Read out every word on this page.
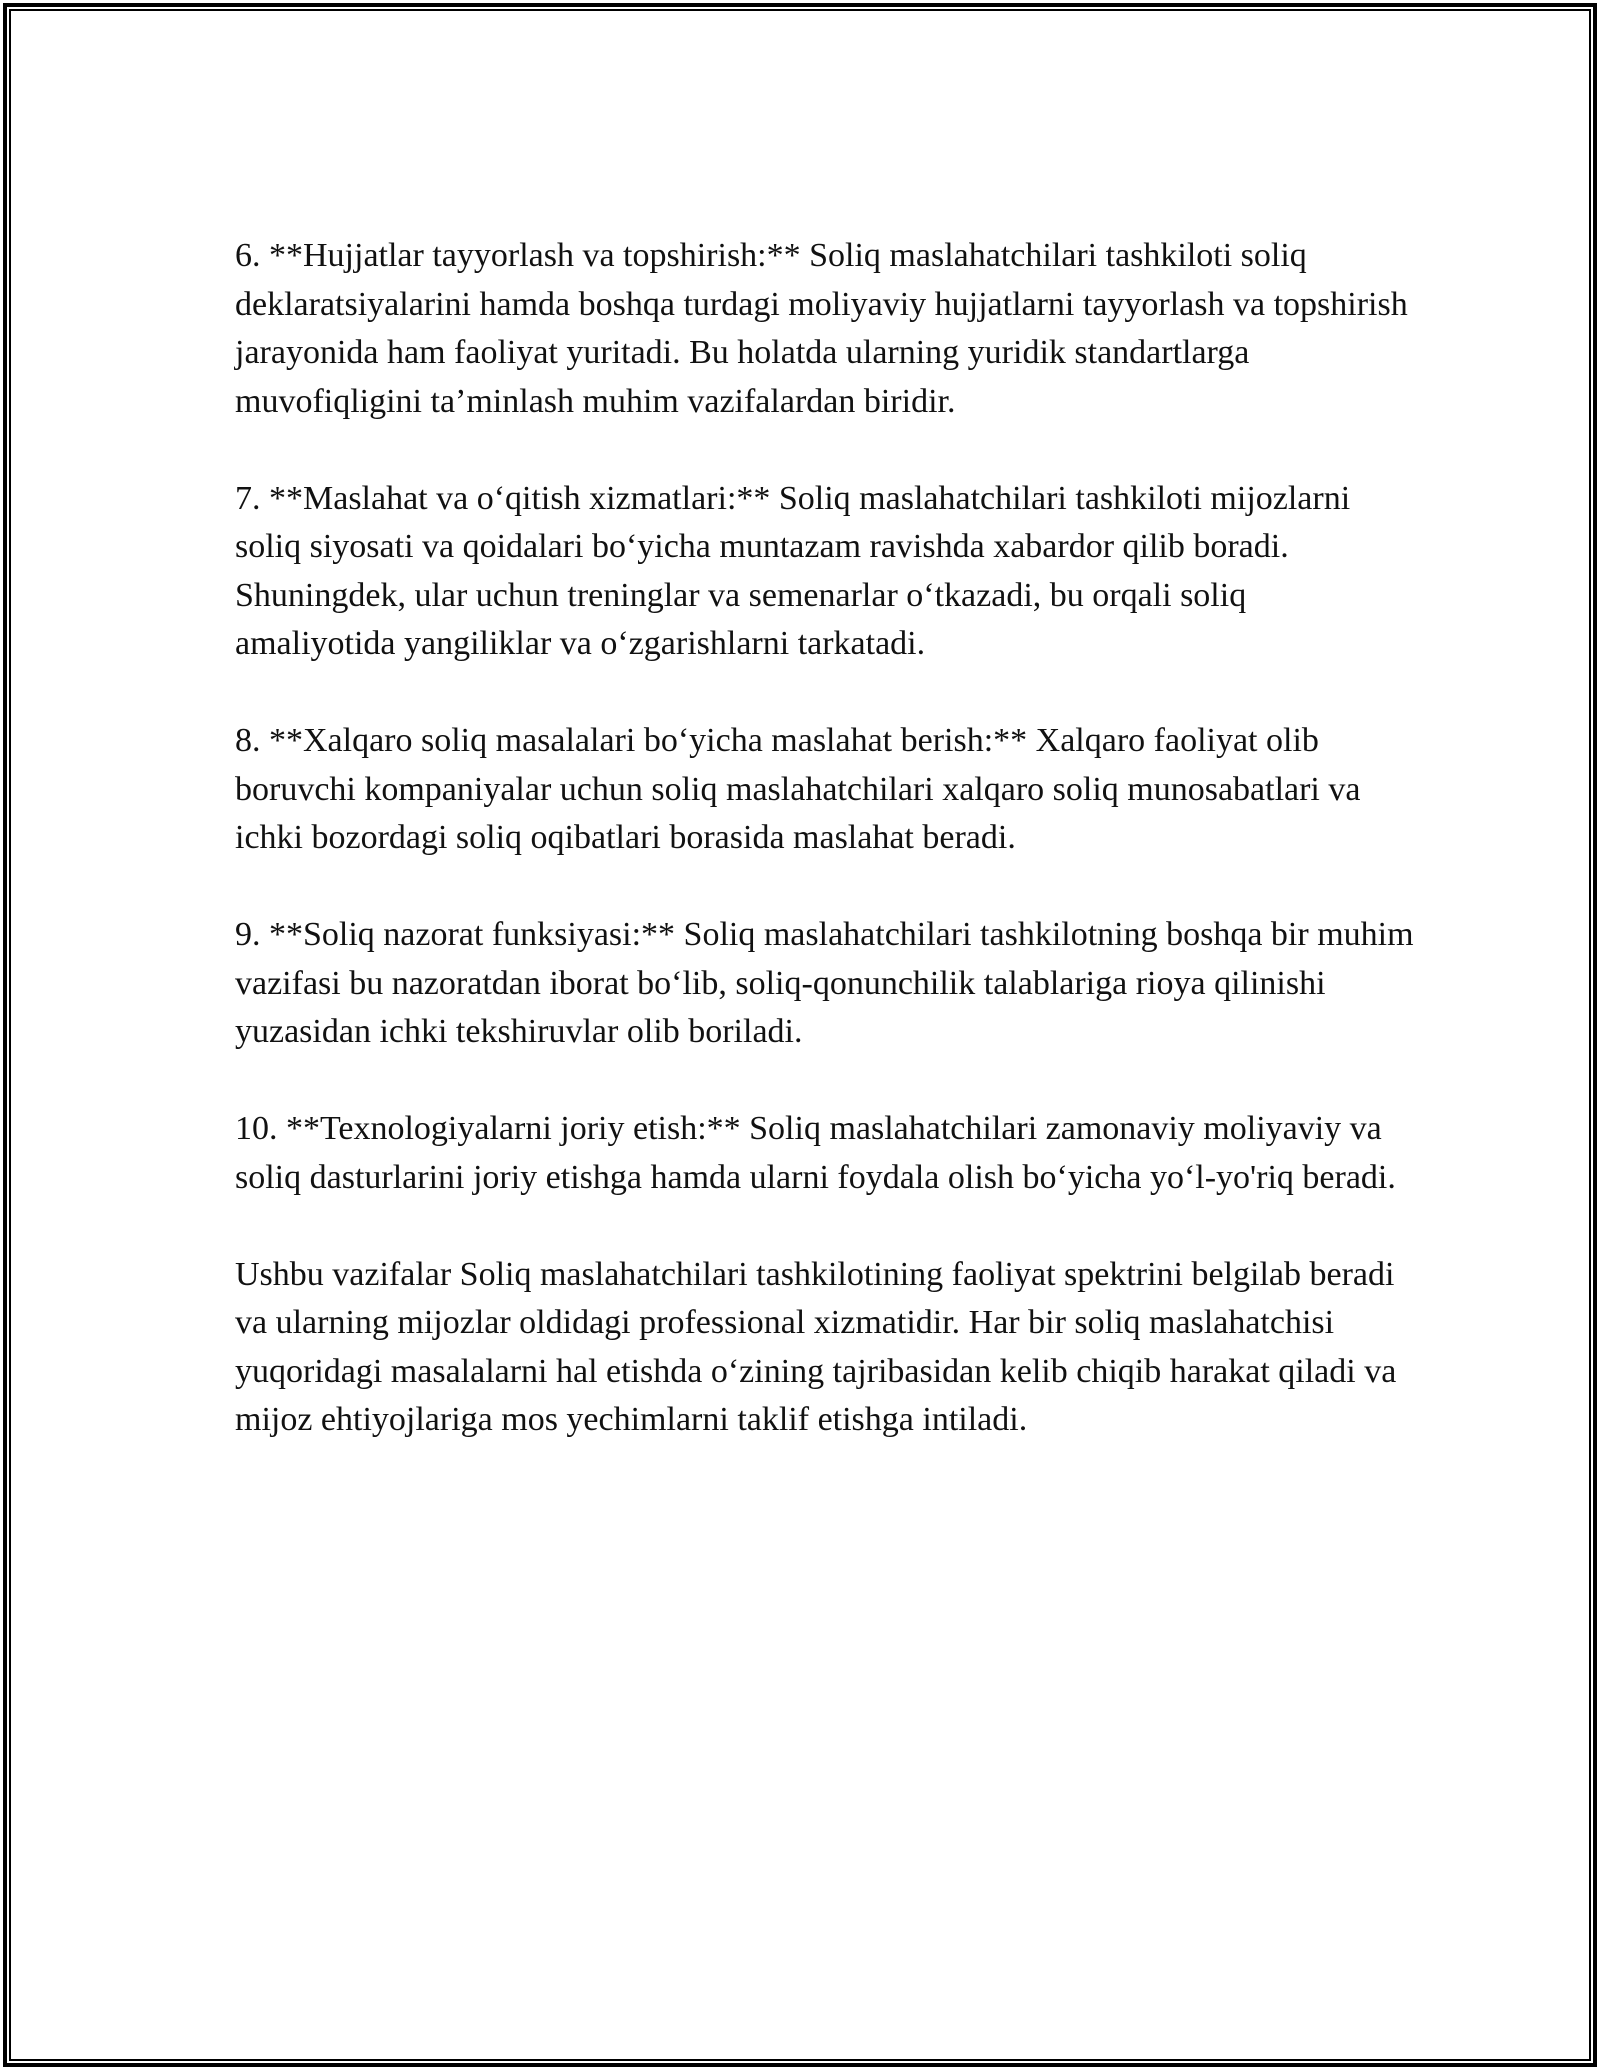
6. **Hujjatlar tayyorlash va topshirish:** Soliq maslahatchilari tashkiloti soliq deklaratsiyalarini hamda boshqa turdagi moliyaviy hujjatlarni tayyorlash va topshirish jarayonida ham faoliyat yuritadi. Bu holatda ularning yuridik standartlarga muvofiqligini ta’minlash muhim vazifalardan biridir.

7. **Maslahat va o‘qitish xizmatlari:** Soliq maslahatchilari tashkiloti mijozlarni soliq siyosati va qoidalari bo‘yicha muntazam ravishda xabardor qilib boradi. Shuningdek, ular uchun treninglar va semenarlar o‘tkazadi, bu orqali soliq amaliyotida yangiliklar va o‘zgarishlarni tarkatadi.

8. **Xalqaro soliq masalalari bo‘yicha maslahat berish:** Xalqaro faoliyat olib boruvchi kompaniyalar uchun soliq maslahatchilari xalqaro soliq munosabatlari va ichki bozordagi soliq oqibatlari borasida maslahat beradi.

9. **Soliq nazorat funksiyasi:** Soliq maslahatchilari tashkilotning boshqa bir muhim vazifasi bu nazoratdan iborat bo‘lib, soliq-qonunchilik talablariga rioya qilinishi yuzasidan ichki tekshiruvlar olib boriladi.

10. **Texnologiyalarni joriy etish:** Soliq maslahatchilari zamonaviy moliyaviy va soliq dasturlarini joriy etishga hamda ularni foydala olish bo‘yicha yo‘l-yo'riq beradi.

Ushbu vazifalar Soliq maslahatchilari tashkilotining faoliyat spektrini belgilab beradi va ularning mijozlar oldidagi professional xizmatidir. Har bir soliq maslahatchisi yuqoridagi masalalarni hal etishda o‘zining tajribasidan kelib chiqib harakat qiladi va mijoz ehtiyojlariga mos yechimlarni taklif etishga intiladi.
